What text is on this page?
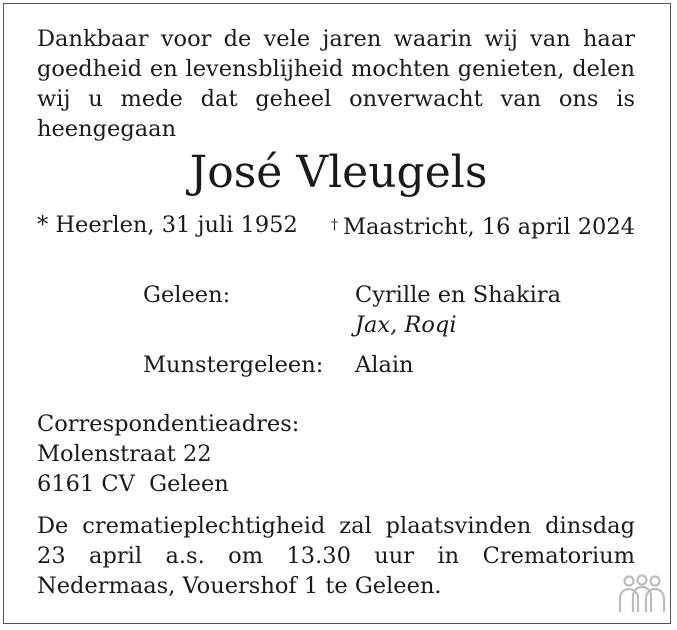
Dankbaar voor de vele jaren waarin wij van haar
goedheid en levensblijheid mochten genieten, delen
wij u mede dat geheel onverwacht van ons is
heengegaan

José Vleugels
* Heerlen, 31 juli 1952 † Maastricht, 16 april 2024
Geleen:	Cyrille en Shakira
Jax, Roqi
Munstergeleen: Alain
Correspondentieadres:
Molenstraat 22
6161 CV  Geleen

De crematieplechtigheid zal plaatsvinden dinsdag
23 april a.s. om 13.30 uur in Crematorium
Nedermaas, Vouershof 1 te Geleen.
